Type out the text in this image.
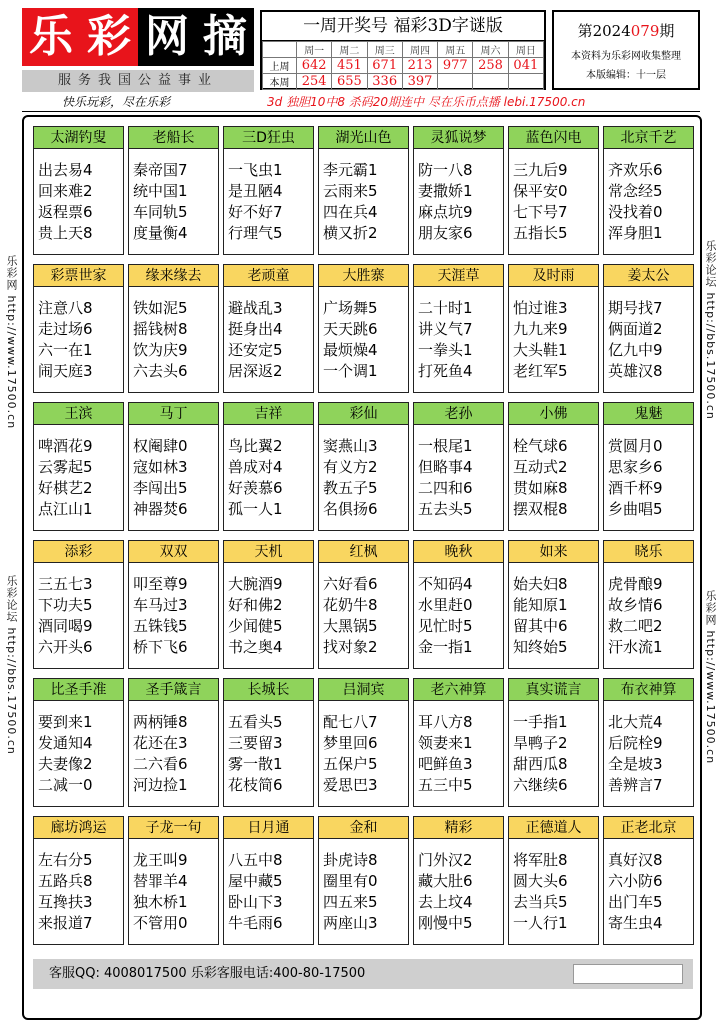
乐 彩 网 摘
服务我国公益事业
一周开奖号 福彩3D字谜版
	周一	周二	周三	周四	周五	周六	周日
上周	642	451	671	213	977	258	041
本周	254	655	336	397			
第2024079期
本资料为乐彩网收集整理
本版编辑：十一层
快乐玩彩，尽在乐彩	3d 独胆10中8 杀码20期连中 尽在乐币点播 lebi.17500.cn
乐彩网 http://www.17500.cn
乐彩论坛 http://bbs.17500.cn
乐彩论坛 http://bbs.17500.cn
乐彩网 http://www.17500.cn
太湖钓叟
出去易4
回来难2
返程票6
贵上天8
老船长
秦帝国7
统中国1
车同轨5
度量衡4
三D狂虫
一飞虫1
是丑陋4
好不好7
行理气5
湖光山色
李元霸1
云雨来5
四在兵4
横又折2
灵狐说梦
防一八8
妻撒娇1
麻点坑9
朋友家6
蓝色闪电
三九后9
保平安0
七下号7
五指长5
北京千艺
齐欢乐6
常念经5
没找着0
浑身胆1
彩票世家
注意八8
走过场6
六一在1
闹天庭3
缘来缘去
铁如泥5
摇钱树8
饮为庆9
六去头6
老顽童
避战乱3
挺身出4
还安定5
居深返2
大胜寨
广场舞5
天天跳6
最烦燥4
一个调1
天涯草
二十时1
讲义气7
一拳头1
打死鱼4
及时雨
怕过谁3
九九来9
大头鞋1
老红军5
姜太公
期号找7
俩面道2
亿九中9
英雄汉8
王滨
啤酒花9
云雾起5
好棋艺2
点江山1
马丁
权阉肆0
寇如林3
李闯出5
神器焚6
吉祥
鸟比翼2
兽成对4
好羡慕6
孤一人1
彩仙
窦燕山3
有义方2
教五子5
名俱扬6
老孙
一根尾1
但略事4
二四和6
五去头5
小佛
栓气球6
互动式2
贯如麻8
摆双棍8
鬼魅
赏圆月0
思家乡6
酒千杯9
乡曲唱5
添彩
三五七3
下功夫5
酒同喝9
六开头6
双双
叩至尊9
车马过3
五铢钱5
桥下飞6
天机
大腕酒9
好和佛2
少闻健5
书之奥4
红枫
六好看6
花奶牛8
大黑锅5
找对象2
晚秋
不知码4
水里赶0
见忙时5
金一指1
如来
始夫妇8
能知原1
留其中6
知终始5
晓乐
虎骨酿9
故乡情6
救二吧2
汗水流1
比圣手准
要到来1
发通知4
夫妻像2
二减一0
圣手箴言
两柄锤8
花还在3
二六看6
河边捡1
长城长
五看头5
三要留3
雾一散1
花枝简6
吕洞宾
配七八7
梦里回6
五保户5
爱思巴3
老六神算
耳八方8
领妻来1
吧鲜鱼3
五三中5
真实谎言
一手指1
旱鸭子2
甜西瓜8
六继续6
布衣神算
北大荒4
后院栓9
全是坡3
善辨言7
廊坊鸿运
左右分5
五路兵8
互搀扶3
来报道7
子龙一句
龙王叫9
替罪羊4
独木桥1
不管用0
日月通
八五中8
屋中藏5
卧山下3
牛毛雨6
金和
卦虎诗8
圈里有0
四五来5
两座山3
精彩
门外汉2
藏大肚6
去上坟4
刚慢中5
正德道人
将军肚8
圆大头6
去当兵5
一人行1
正老北京
真好汉8
六小防6
出门车5
寄生虫4
客服QQ: 4008017500 乐彩客服电话:400-80-17500
